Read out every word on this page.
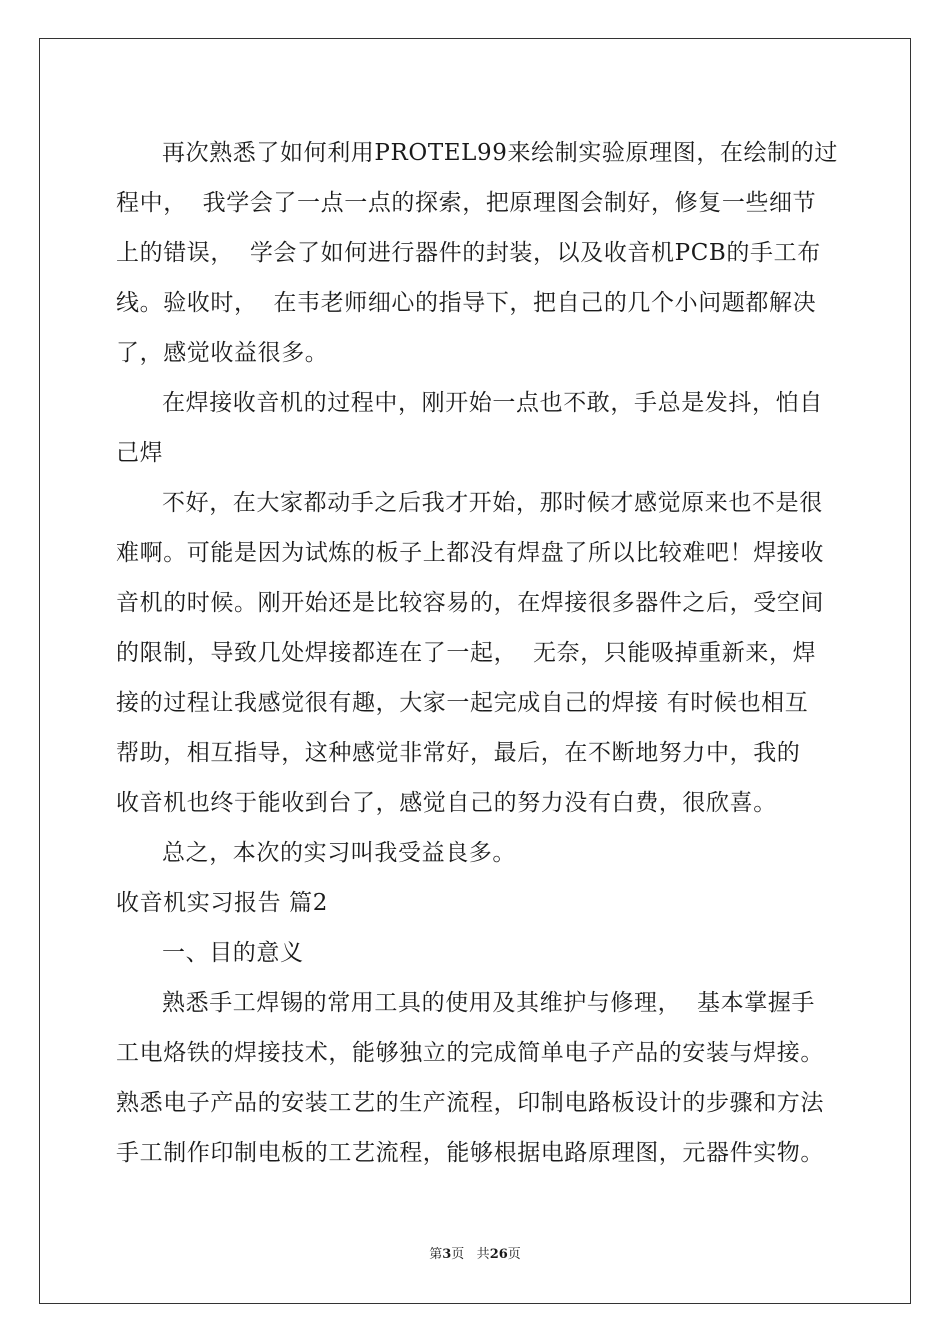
再次熟悉了如何利用PROTEL99来绘制实验原理图，在绘制的过
程中，  我学会了一点一点的探索，把原理图会制好，修复一些细节
上的错误，  学会了如何进行器件的封装，以及收音机PCB的手工布
线。验收时，  在韦老师细心的指导下，把自己的几个小问题都解决
了，感觉收益很多。
在焊接收音机的过程中，刚开始一点也不敢，手总是发抖，怕自
己焊
不好，在大家都动手之后我才开始，那时候才感觉原来也不是很
难啊。可能是因为试炼的板子上都没有焊盘了所以比较难吧！焊接收
音机的时候。刚开始还是比较容易的，在焊接很多器件之后，受空间
的限制，导致几处焊接都连在了一起，  无奈，只能吸掉重新来，焊
接的过程让我感觉很有趣，大家一起完成自己的焊接 有时候也相互
帮助，相互指导，这种感觉非常好，最后，在不断地努力中，我的
收音机也终于能收到台了，感觉自己的努力没有白费，很欣喜。
总之，本次的实习叫我受益良多。
收音机实习报告 篇2
一、目的意义
熟悉手工焊锡的常用工具的使用及其维护与修理，  基本掌握手
工电烙铁的焊接技术，能够独立的完成简单电子产品的安装与焊接。
熟悉电子产品的安装工艺的生产流程，印制电路板设计的步骤和方法
手工制作印制电板的工艺流程，能够根据电路原理图，元器件实物。
第3页 共26页
